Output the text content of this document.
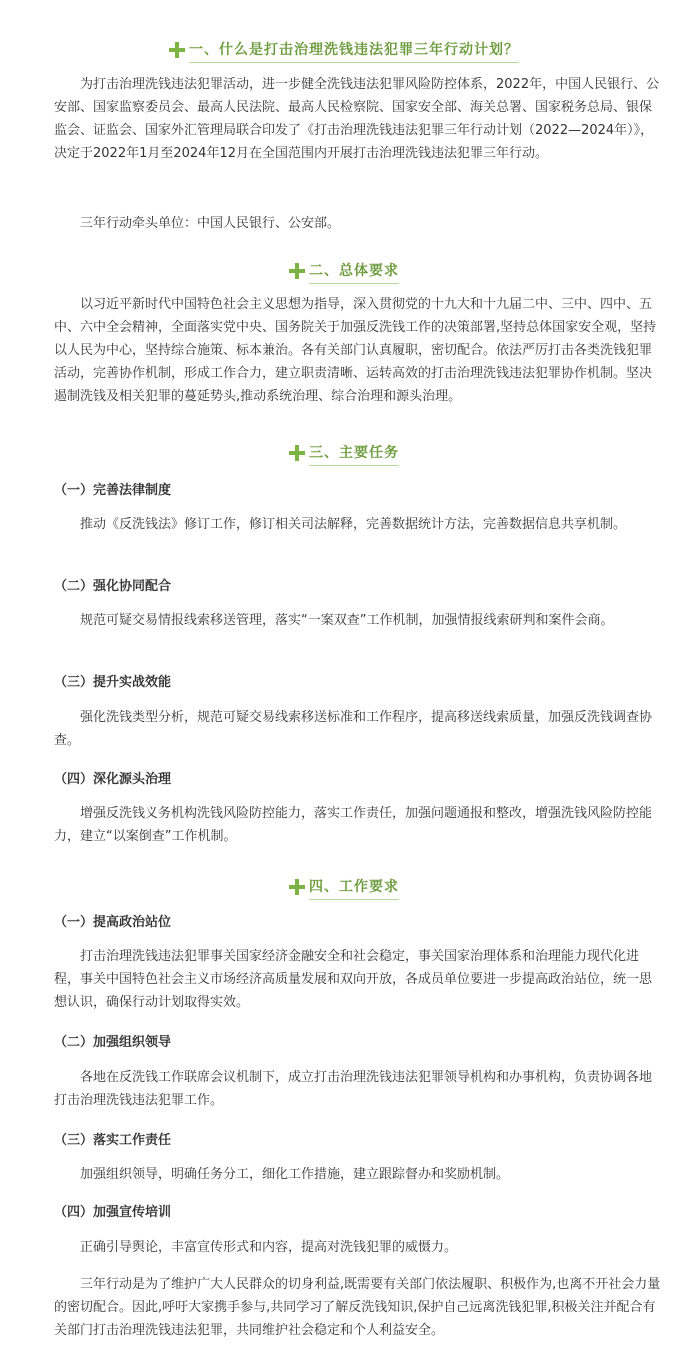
一、什么是打击治理洗钱违法犯罪三年行动计划？
为打击治理洗钱违法犯罪活动，进一步健全洗钱违法犯罪风险防控体系，2022年，中国人民银行、公安部、国家监察委员会、最高人民法院、最高人民检察院、国家安全部、海关总署、国家税务总局、银保监会、证监会、国家外汇管理局联合印发了《打击治理洗钱违法犯罪三年行动计划（2022—2024年）》，决定于2022年1月至2024年12月在全国范围内开展打击治理洗钱违法犯罪三年行动。
三年行动牵头单位：中国人民银行、公安部。
二、总体要求
以习近平新时代中国特色社会主义思想为指导，深入贯彻党的十九大和十九届二中、三中、四中、五中、六中全会精神，全面落实党中央、国务院关于加强反洗钱工作的决策部署,坚持总体国家安全观，坚持以人民为中心，坚持综合施策、标本兼治。各有关部门认真履职，密切配合。依法严厉打击各类洗钱犯罪活动，完善协作机制，形成工作合力，建立职责清晰、运转高效的打击治理洗钱违法犯罪协作机制。坚决遏制洗钱及相关犯罪的蔓延势头,推动系统治理、综合治理和源头治理。
三、主要任务
（一）完善法律制度
推动《反洗钱法》修订工作，修订相关司法解释，完善数据统计方法，完善数据信息共享机制。
（二）强化协同配合
规范可疑交易情报线索移送管理，落实“一案双查”工作机制，加强情报线索研判和案件会商。
（三）提升实战效能
强化洗钱类型分析，规范可疑交易线索移送标准和工作程序，提高移送线索质量，加强反洗钱调查协查。
（四）深化源头治理
增强反洗钱义务机构洗钱风险防控能力，落实工作责任，加强问题通报和整改，增强洗钱风险防控能力，建立“以案倒查”工作机制。
四、工作要求
（一）提高政治站位
打击治理洗钱违法犯罪事关国家经济金融安全和社会稳定，事关国家治理体系和治理能力现代化进程，事关中国特色社会主义市场经济高质量发展和双向开放，各成员单位要进一步提高政治站位，统一思想认识，确保行动计划取得实效。
（二）加强组织领导
各地在反洗钱工作联席会议机制下，成立打击治理洗钱违法犯罪领导机构和办事机构，负责协调各地打击治理洗钱违法犯罪工作。
（三）落实工作责任
加强组织领导，明确任务分工，细化工作措施，建立跟踪督办和奖励机制。
（四）加强宣传培训
正确引导舆论，丰富宣传形式和内容，提高对洗钱犯罪的威慑力。
三年行动是为了维护广大人民群众的切身利益,既需要有关部门依法履职、积极作为,也离不开社会力量的密切配合。因此,呼吁大家携手参与,共同学习了解反洗钱知识,保护自己远离洗钱犯罪,积极关注并配合有关部门打击治理洗钱违法犯罪，共同维护社会稳定和个人利益安全。
